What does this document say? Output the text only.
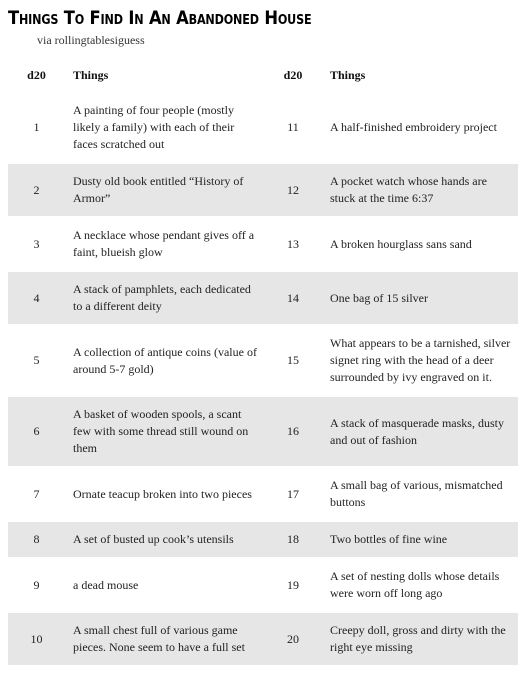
Things To Find In An Abandoned House
via rollingtablesiguess
d20	Things	d20	Things
1	A painting of four people (mostly likely a family) with each of their faces scratched out	11	A half-finished embroidery project
2	Dusty old book entitled “History of Armor”	12	A pocket watch whose hands are stuck at the time 6:37
3	A necklace whose pendant gives off a faint, blueish glow	13	A broken hourglass sans sand
4	A stack of pamphlets, each dedicated to a different deity	14	One bag of 15 silver
5	A collection of antique coins (value of around 5-7 gold)	15	What appears to be a tarnished, silver signet ring with the head of a deer surrounded by ivy engraved on it.
6	A basket of wooden spools, a scant few with some thread still wound on them	16	A stack of masquerade masks, dusty and out of fashion
7	Ornate teacup broken into two pieces	17	A small bag of various, mismatched buttons
8	A set of busted up cook’s utensils	18	Two bottles of fine wine
9	a dead mouse	19	A set of nesting dolls whose details were worn off long ago
10	A small chest full of various game pieces. None seem to have a full set	20	Creepy doll, gross and dirty with the right eye missing
